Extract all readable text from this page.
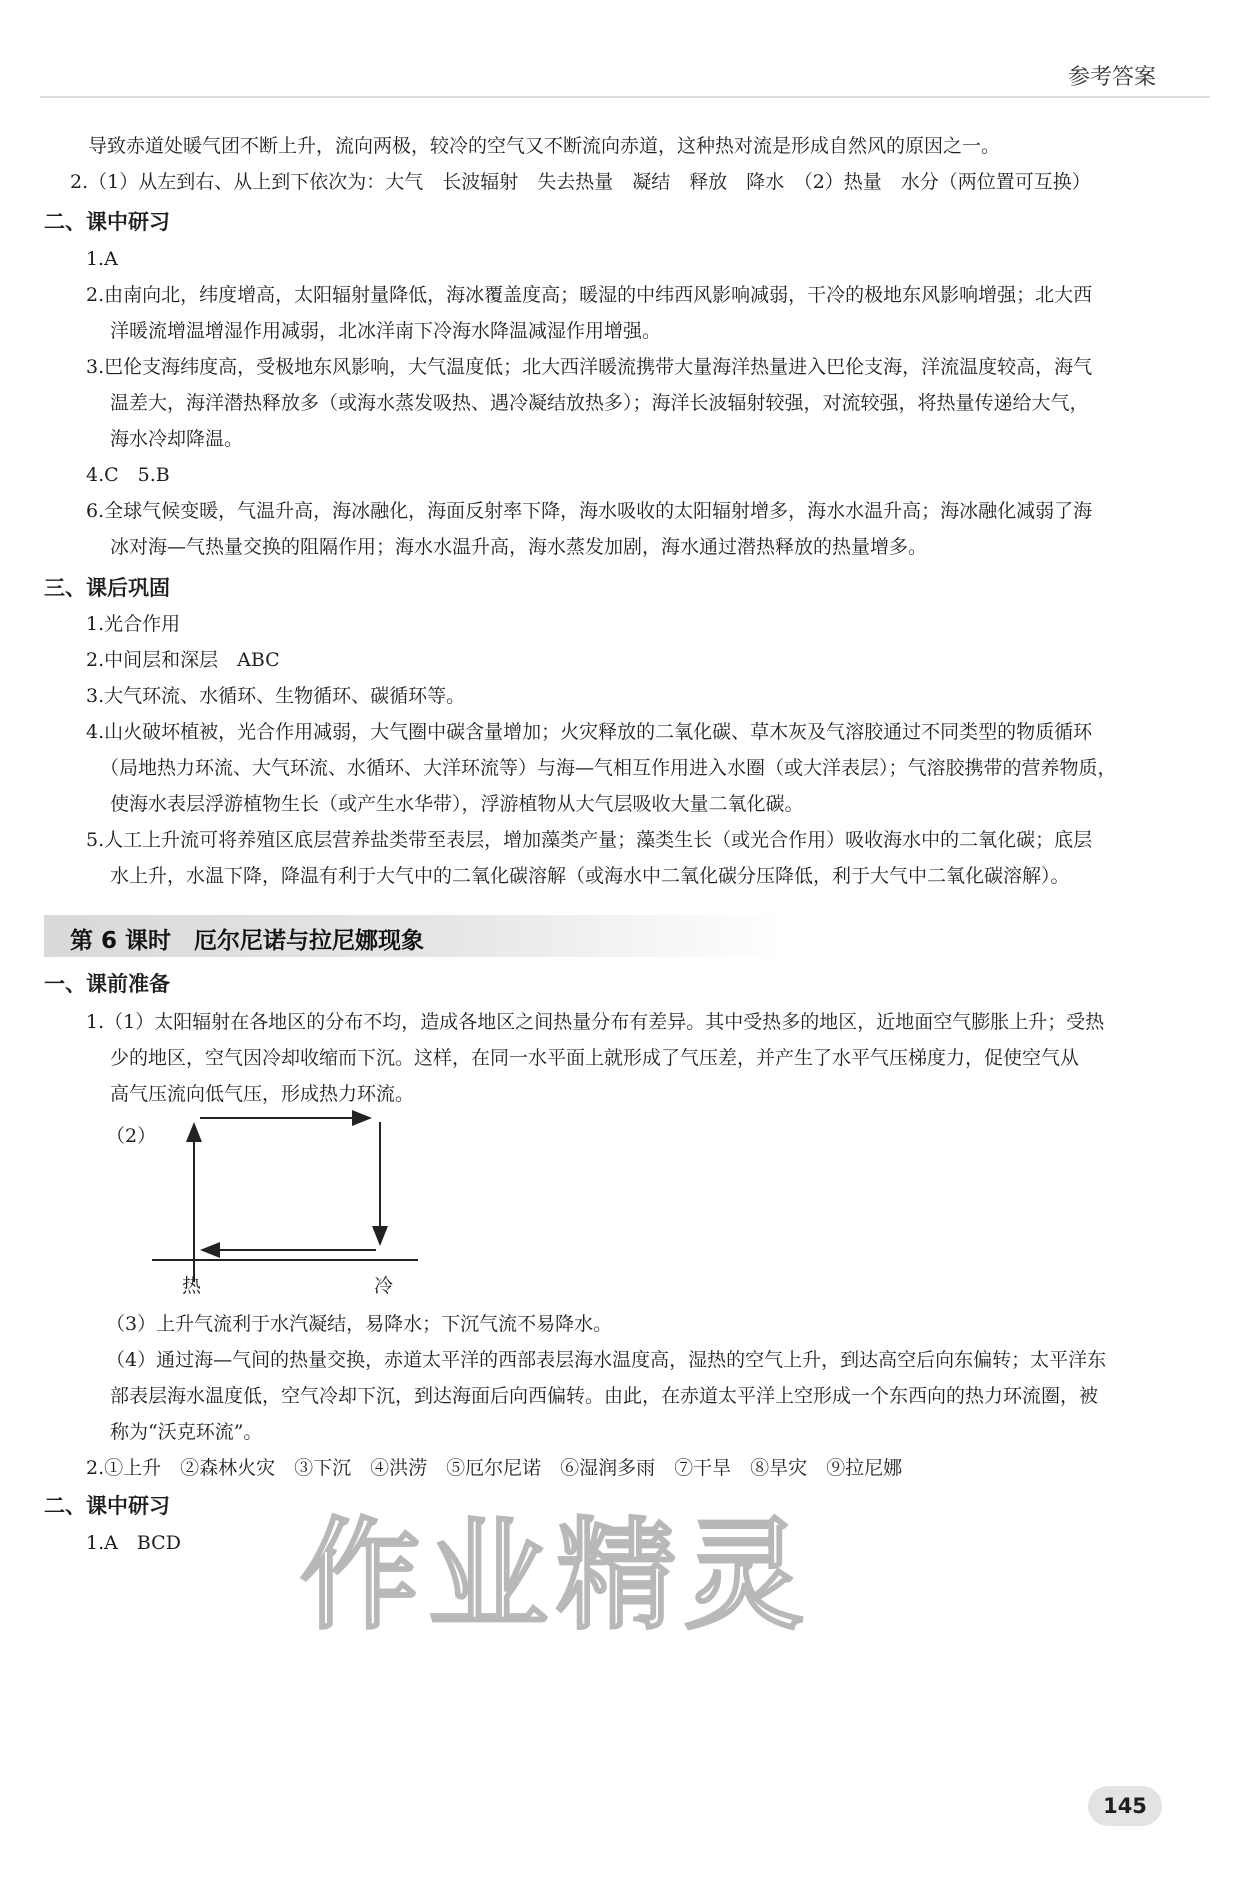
参考答案
导致赤道处暖气团不断上升，流向两极，较冷的空气又不断流向赤道，这种热对流是形成自然风的原因之一。
2.（1）从左到右、从上到下依次为：大气　长波辐射　失去热量　凝结　释放　降水　（2）热量　水分（两位置可互换）
二、课中研习
1.A
2.由南向北，纬度增高，太阳辐射量降低，海冰覆盖度高；暖湿的中纬西风影响减弱，干冷的极地东风影响增强；北大西
洋暖流增温增湿作用减弱，北冰洋南下冷海水降温减湿作用增强。
3.巴伦支海纬度高，受极地东风影响，大气温度低；北大西洋暖流携带大量海洋热量进入巴伦支海，洋流温度较高，海气
温差大，海洋潜热释放多（或海水蒸发吸热、遇冷凝结放热多）；海洋长波辐射较强，对流较强，将热量传递给大气，
海水冷却降温。
4.C　5.B
6.全球气候变暖，气温升高，海冰融化，海面反射率下降，海水吸收的太阳辐射增多，海水水温升高；海冰融化减弱了海
冰对海—气热量交换的阻隔作用；海水水温升高，海水蒸发加剧，海水通过潜热释放的热量增多。
三、课后巩固
1.光合作用
2.中间层和深层　ABC
3.大气环流、水循环、生物循环、碳循环等。
4.山火破坏植被，光合作用减弱，大气圈中碳含量增加；火灾释放的二氧化碳、草木灰及气溶胶通过不同类型的物质循环
（局地热力环流、大气环流、水循环、大洋环流等）与海—气相互作用进入水圈（或大洋表层）；气溶胶携带的营养物质，
使海水表层浮游植物生长（或产生水华带），浮游植物从大气层吸收大量二氧化碳。
5.人工上升流可将养殖区底层营养盐类带至表层，增加藻类产量；藻类生长（或光合作用）吸收海水中的二氧化碳；底层
水上升，水温下降，降温有利于大气中的二氧化碳溶解（或海水中二氧化碳分压降低，利于大气中二氧化碳溶解）。
第 6 课时　厄尔尼诺与拉尼娜现象
一、课前准备
1.（1）太阳辐射在各地区的分布不均，造成各地区之间热量分布有差异。其中受热多的地区，近地面空气膨胀上升；受热
少的地区，空气因冷却收缩而下沉。这样，在同一水平面上就形成了气压差，并产生了水平气压梯度力，促使空气从
高气压流向低气压，形成热力环流。
（2）
热	冷
（3）上升气流利于水汽凝结，易降水；下沉气流不易降水。
（4）通过海—气间的热量交换，赤道太平洋的西部表层海水温度高，湿热的空气上升，到达高空后向东偏转；太平洋东
部表层海水温度低，空气冷却下沉，到达海面后向西偏转。由此，在赤道太平洋上空形成一个东西向的热力环流圈，被
称为“沃克环流”。
2.①上升　②森林火灾　③下沉　④洪涝　⑤厄尔尼诺　⑥湿润多雨　⑦干旱　⑧旱灾　⑨拉尼娜
二、课中研习
1.A　BCD 作业精灵
145
